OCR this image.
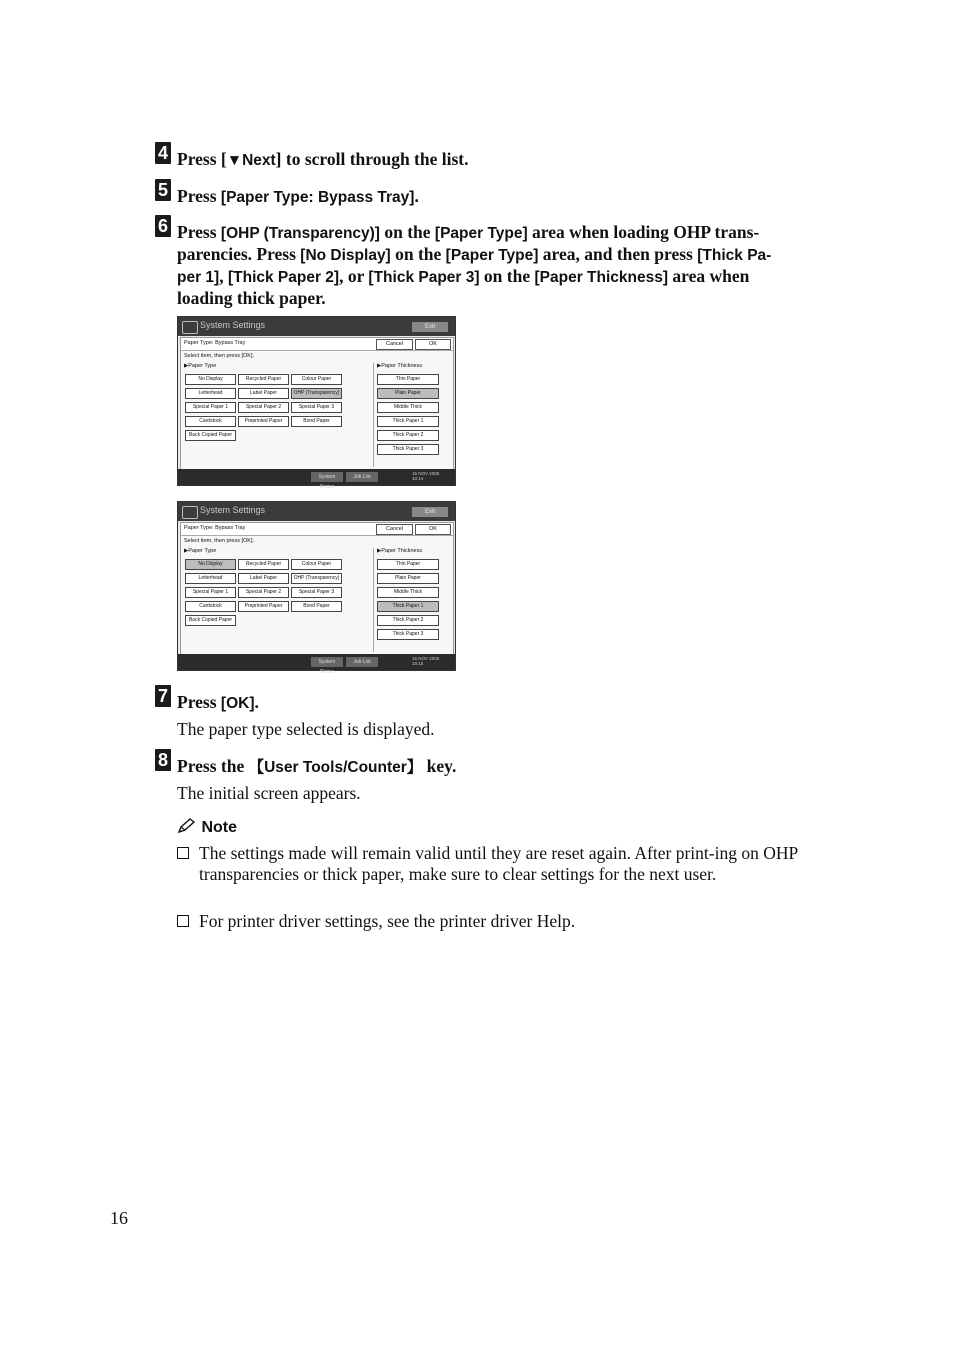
4 Press [▼Next] to scroll through the list.
5 Press [Paper Type: Bypass Tray].
6 Press [OHP (Transparency)] on the [Paper Type] area when loading OHP trans-
parencies. Press [No Display] on the [Paper Type] area, and then press [Thick Pa-
per 1], [Thick Paper 2], or [Thick Paper 3] on the [Paper Thickness] area when
loading thick paper.
System Settings	Exit
Paper Type: Bypass Tray	Cancel	OK
Select item, then press [OK].
▶Paper Type	▶Paper Thickness
No Display	Recycled Paper	Colour Paper
Letterhead	Label Paper	OHP (Transparency)
Special Paper 1	Special Paper 2	Special Paper 3
Cardstock	Preprinted Paper	Bond Paper
Back Copied Paper
Thin Paper
Plain Paper
Middle Thick
Thick Paper 1
Thick Paper 2
Thick Paper 3
System Status
Job List
15 NOV 2006
10:14
System Settings	Exit
Paper Type: Bypass Tray	Cancel	OK
Select item, then press [OK].
▶Paper Type	▶Paper Thickness
No Display	Recycled Paper	Colour Paper
Letterhead	Label Paper	OHP (Transparency)
Special Paper 1	Special Paper 2	Special Paper 3
Cardstock	Preprinted Paper	Bond Paper
Back Copied Paper
Thin Paper
Plain Paper
Middle Thick
Thick Paper 1
Thick Paper 2
Thick Paper 3
System Status
Job List
15 NOV 2006
10:15
7 Press [OK].
The paper type selected is displayed.
8 Press the 【User Tools/Counter】 key.
The initial screen appears.
Note
The settings made will remain valid until they are reset again. After print-ing on OHP transparencies or thick paper, make sure to clear settings for the next user.
For printer driver settings, see the printer driver Help.
16
